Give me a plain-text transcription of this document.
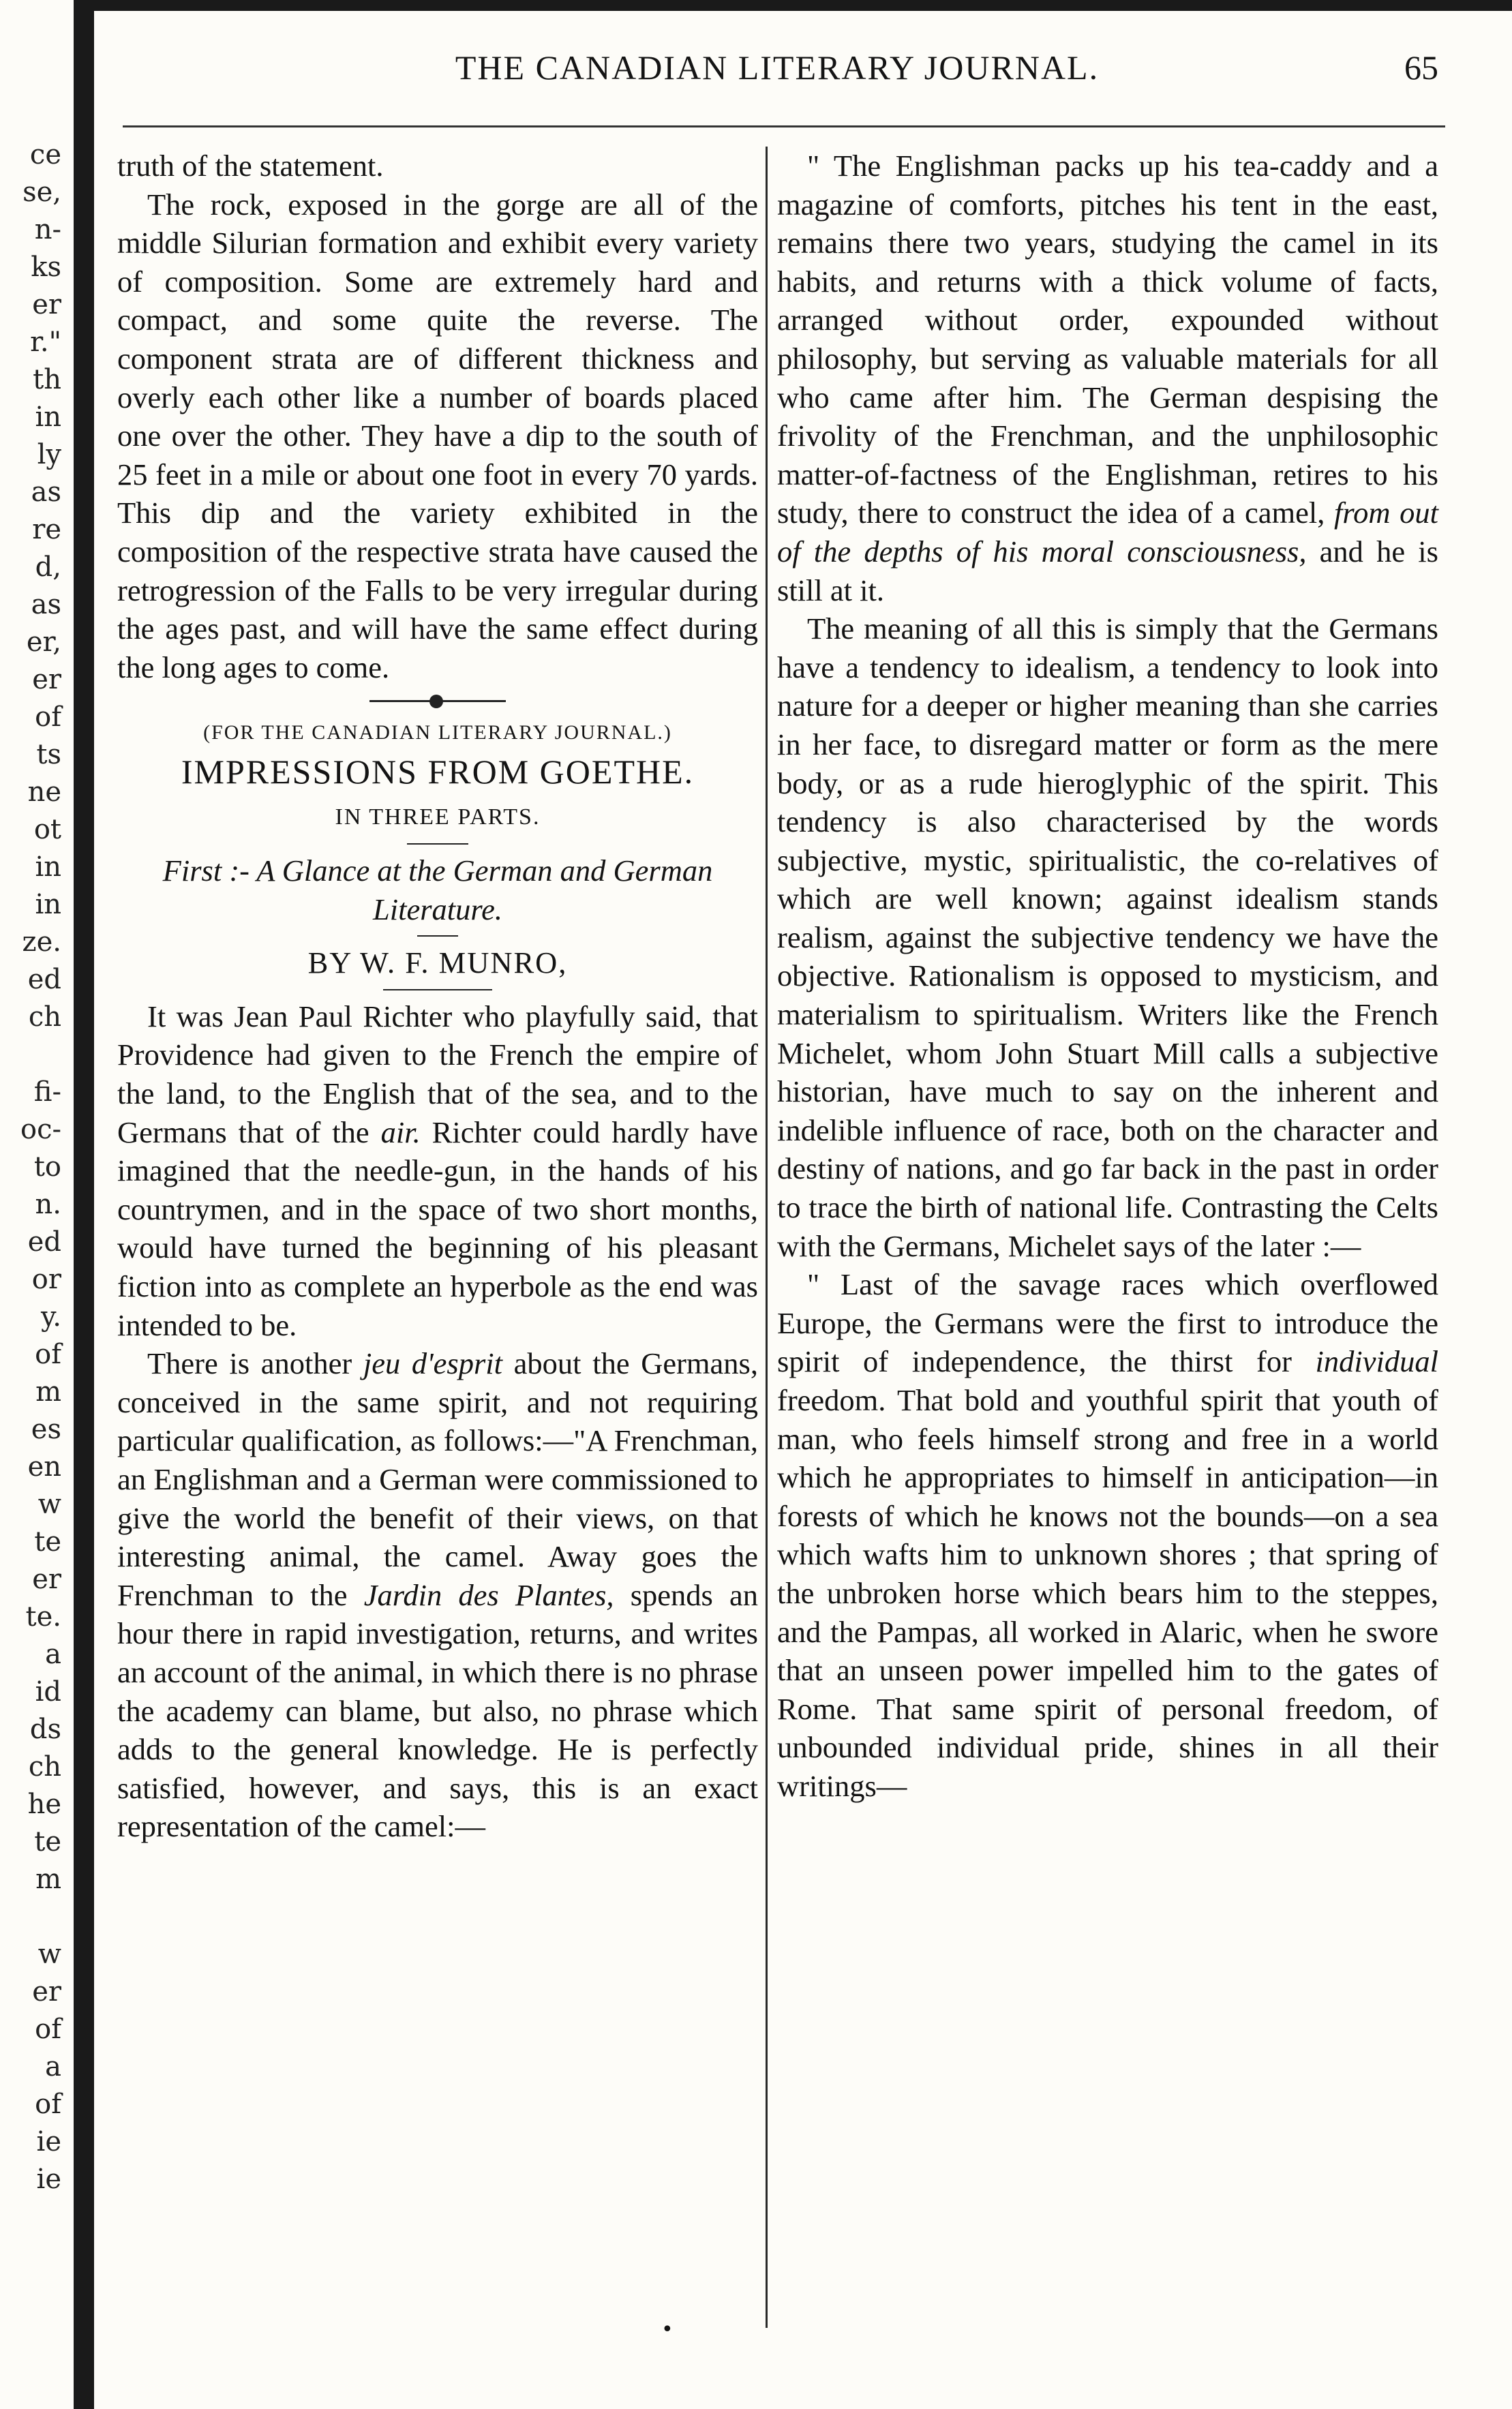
ce
se,
n-
ks
er
r."
th
in
ly
as
re
d,
as
er,
er
of
ts
ne
ot
in
in
ze.
ed
ch
fi-
oc-
to
n.
ed
or
y.
of
m
es
en
w
te
er
te.
a
id
ds
ch
he
te
m
w
er
of
a
of
ie
ie
THE CANADIAN LITERARY JOURNAL.	65

truth of the statement.

The rock, exposed in the gorge are all of the middle Silurian formation and exhibit every variety of composition. Some are extremely hard and compact, and some quite the reverse. The component strata are of different thickness and overly each other like a number of boards placed one over the other. They have a dip to the south of 25 feet in a mile or about one foot in every 70 yards. This dip and the variety exhibited in the composition of the respective strata have caused the retrogression of the Falls to be very irregular during the ages past, and will have the same effect during the long ages to come.

(FOR THE CANADIAN LITERARY JOURNAL.)

IMPRESSIONS FROM GOETHE.

IN THREE PARTS.

First :- A Glance at the German and German Literature.

BY W. F. MUNRO,

It was Jean Paul Richter who playfully said, that Providence had given to the French the empire of the land, to the English that of the sea, and to the Germans that of the air. Richter could hardly have imagined that the needle-gun, in the hands of his countrymen, and in the space of two short months, would have turned the beginning of his pleasant fiction into as complete an hyperbole as the end was intended to be.

There is another jeu d'esprit about the Germans, conceived in the same spirit, and not requiring particular qualification, as follows:—"A Frenchman, an Englishman and a German were commissioned to give the world the benefit of their views, on that interesting animal, the camel. Away goes the Frenchman to the Jardin des Plantes, spends an hour there in rapid investigation, returns, and writes an account of the animal, in which there is no phrase the academy can blame, but also, no phrase which adds to the general knowledge. He is perfectly satisfied, however, and says, this is an exact representation of the camel:—

" The Englishman packs up his tea-caddy and a magazine of comforts, pitches his tent in the east, remains there two years, studying the camel in its habits, and returns with a thick volume of facts, arranged without order, expounded without philosophy, but serving as valuable materials for all who came after him. The German despising the frivolity of the Frenchman, and the unphilosophic matter-of-factness of the Englishman, retires to his study, there to construct the idea of a camel, from out of the depths of his moral consciousness, and he is still at it.

The meaning of all this is simply that the Germans have a tendency to idealism, a tendency to look into nature for a deeper or higher meaning than she carries in her face, to disregard matter or form as the mere body, or as a rude hieroglyphic of the spirit. This tendency is also characterised by the words subjective, mystic, spiritualistic, the co-relatives of which are well known; against idealism stands realism, against the subjective tendency we have the objective. Rationalism is opposed to mysticism, and materialism to spiritualism. Writers like the French Michelet, whom John Stuart Mill calls a subjective historian, have much to say on the inherent and indelible influence of race, both on the character and destiny of nations, and go far back in the past in order to trace the birth of national life. Contrasting the Celts with the Germans, Michelet says of the later :—

" Last of the savage races which overflowed Europe, the Germans were the first to introduce the spirit of independence, the thirst for individual freedom. That bold and youthful spirit that youth of man, who feels himself strong and free in a world which he appropriates to himself in anticipation—in forests of which he knows not the bounds—on a sea which wafts him to unknown shores ; that spring of the unbroken horse which bears him to the steppes, and the Pampas, all worked in Alaric, when he swore that an unseen power impelled him to the gates of Rome. That same spirit of personal freedom, of unbounded individual pride, shines in all their writings—

•
